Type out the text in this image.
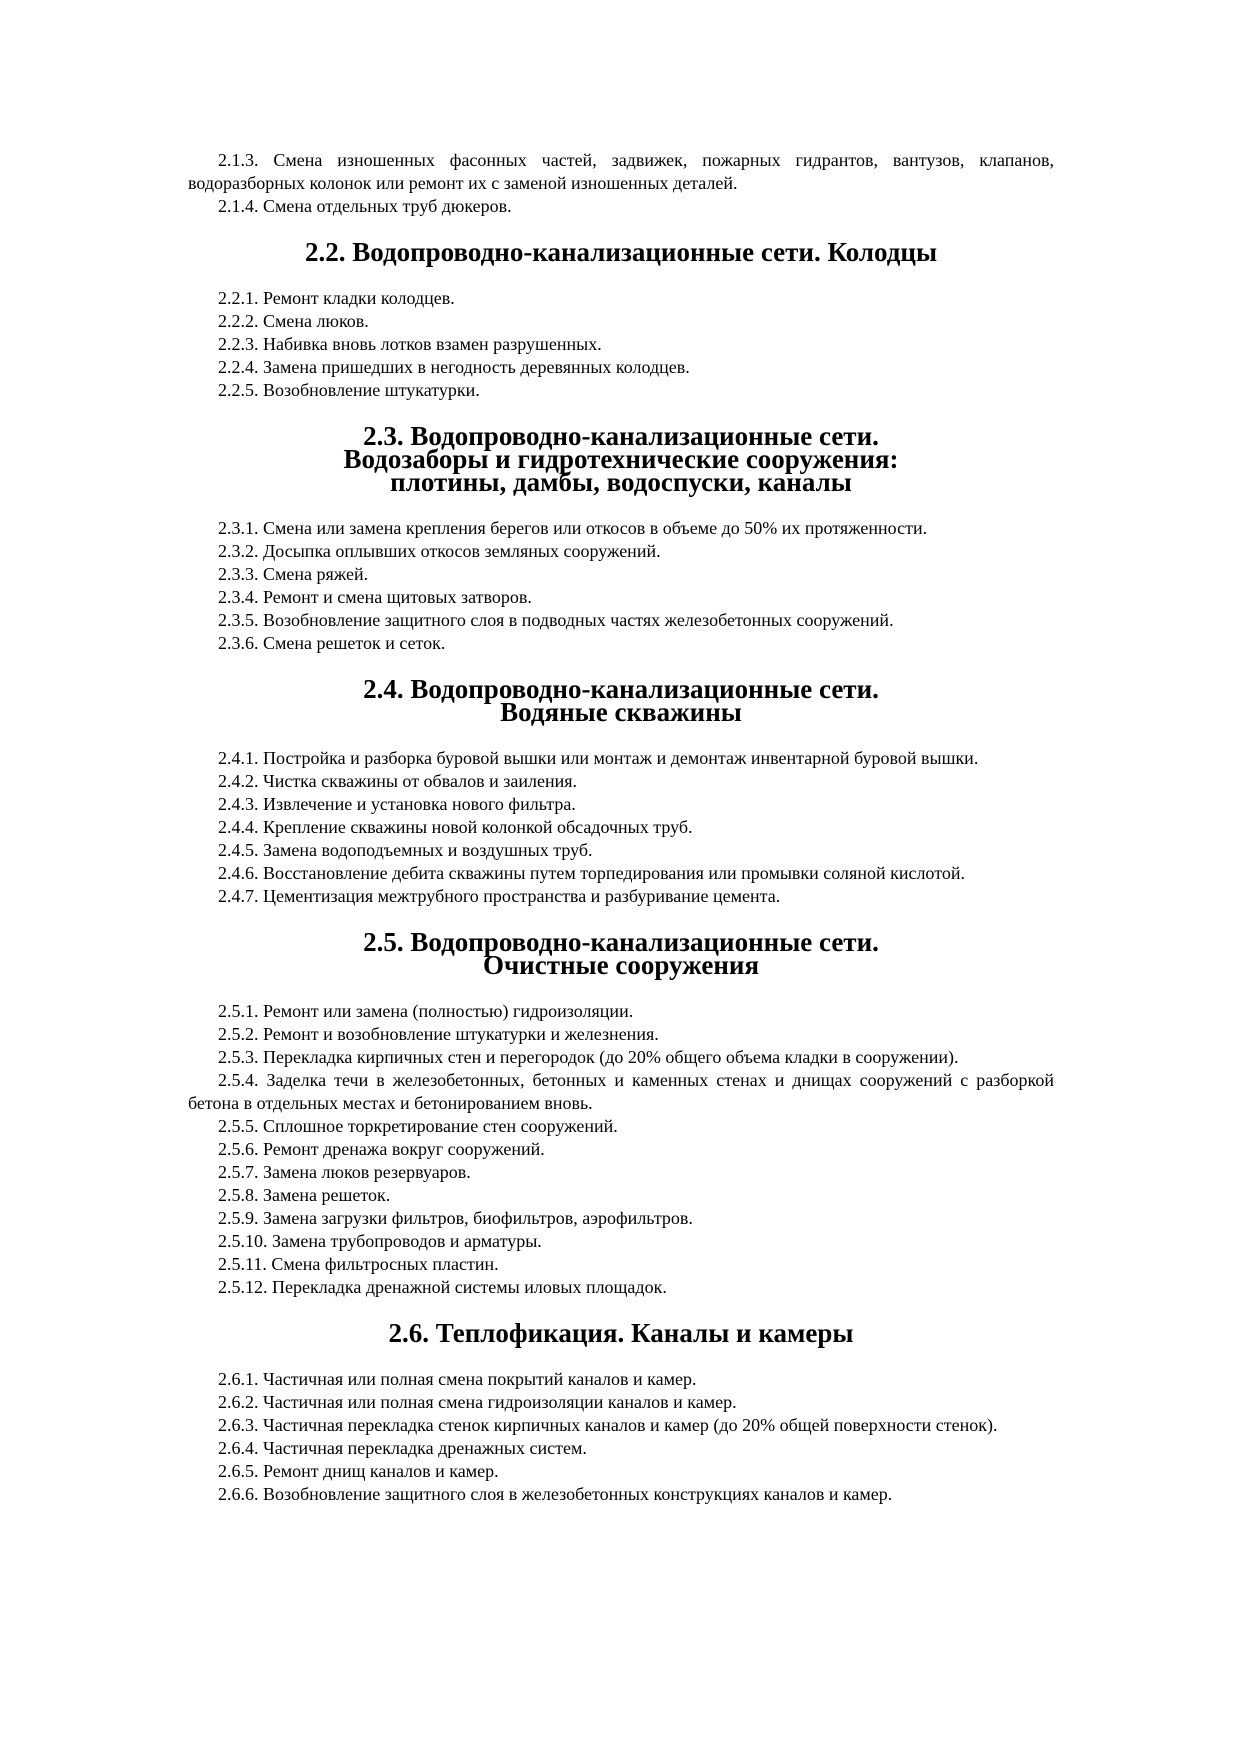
2.1.3. Смена изношенных фасонных частей, задвижек, пожарных гидрантов, вантузов, клапанов, водоразборных колонок или ремонт их с заменой изношенных деталей.

2.1.4. Смена отдельных труб дюкеров.

2.2. Водопроводно-канализационные сети. Колодцы

2.2.1. Ремонт кладки колодцев.

2.2.2. Смена люков.

2.2.3. Набивка вновь лотков взамен разрушенных.

2.2.4. Замена пришедших в негодность деревянных колодцев.

2.2.5. Возобновление штукатурки.

2.3. Водопроводно-канализационные сети.
Водозаборы и гидротехнические сооружения:
плотины, дамбы, водоспуски, каналы

2.3.1. Смена или замена крепления берегов или откосов в объеме до 50% их протяженности.

2.3.2. Досыпка оплывших откосов земляных сооружений.

2.3.3. Смена ряжей.

2.3.4. Ремонт и смена щитовых затворов.

2.3.5. Возобновление защитного слоя в подводных частях железобетонных сооружений.

2.3.6. Смена решеток и сеток.

2.4. Водопроводно-канализационные сети.
Водяные скважины

2.4.1. Постройка и разборка буровой вышки или монтаж и демонтаж инвентарной буровой вышки.

2.4.2. Чистка скважины от обвалов и заиления.

2.4.3. Извлечение и установка нового фильтра.

2.4.4. Крепление скважины новой колонкой обсадочных труб.

2.4.5. Замена водоподъемных и воздушных труб.

2.4.6. Восстановление дебита скважины путем торпедирования или промывки соляной кислотой.

2.4.7. Цементизация межтрубного пространства и разбуривание цемента.

2.5. Водопроводно-канализационные сети.
Очистные сооружения

2.5.1. Ремонт или замена (полностью) гидроизоляции.

2.5.2. Ремонт и возобновление штукатурки и железнения.

2.5.3. Перекладка кирпичных стен и перегородок (до 20% общего объема кладки в сооружении).

2.5.4. Заделка течи в железобетонных, бетонных и каменных стенах и днищах сооружений с разборкой бетона в отдельных местах и бетонированием вновь.

2.5.5. Сплошное торкретирование стен сооружений.

2.5.6. Ремонт дренажа вокруг сооружений.

2.5.7. Замена люков резервуаров.

2.5.8. Замена решеток.

2.5.9. Замена загрузки фильтров, биофильтров, аэрофильтров.

2.5.10. Замена трубопроводов и арматуры.

2.5.11. Смена фильтросных пластин.

2.5.12. Перекладка дренажной системы иловых площадок.

2.6. Теплофикация. Каналы и камеры

2.6.1. Частичная или полная смена покрытий каналов и камер.

2.6.2. Частичная или полная смена гидроизоляции каналов и камер.

2.6.3. Частичная перекладка стенок кирпичных каналов и камер (до 20% общей поверхности стенок).

2.6.4. Частичная перекладка дренажных систем.

2.6.5. Ремонт днищ каналов и камер.

2.6.6. Возобновление защитного слоя в железобетонных конструкциях каналов и камер.
